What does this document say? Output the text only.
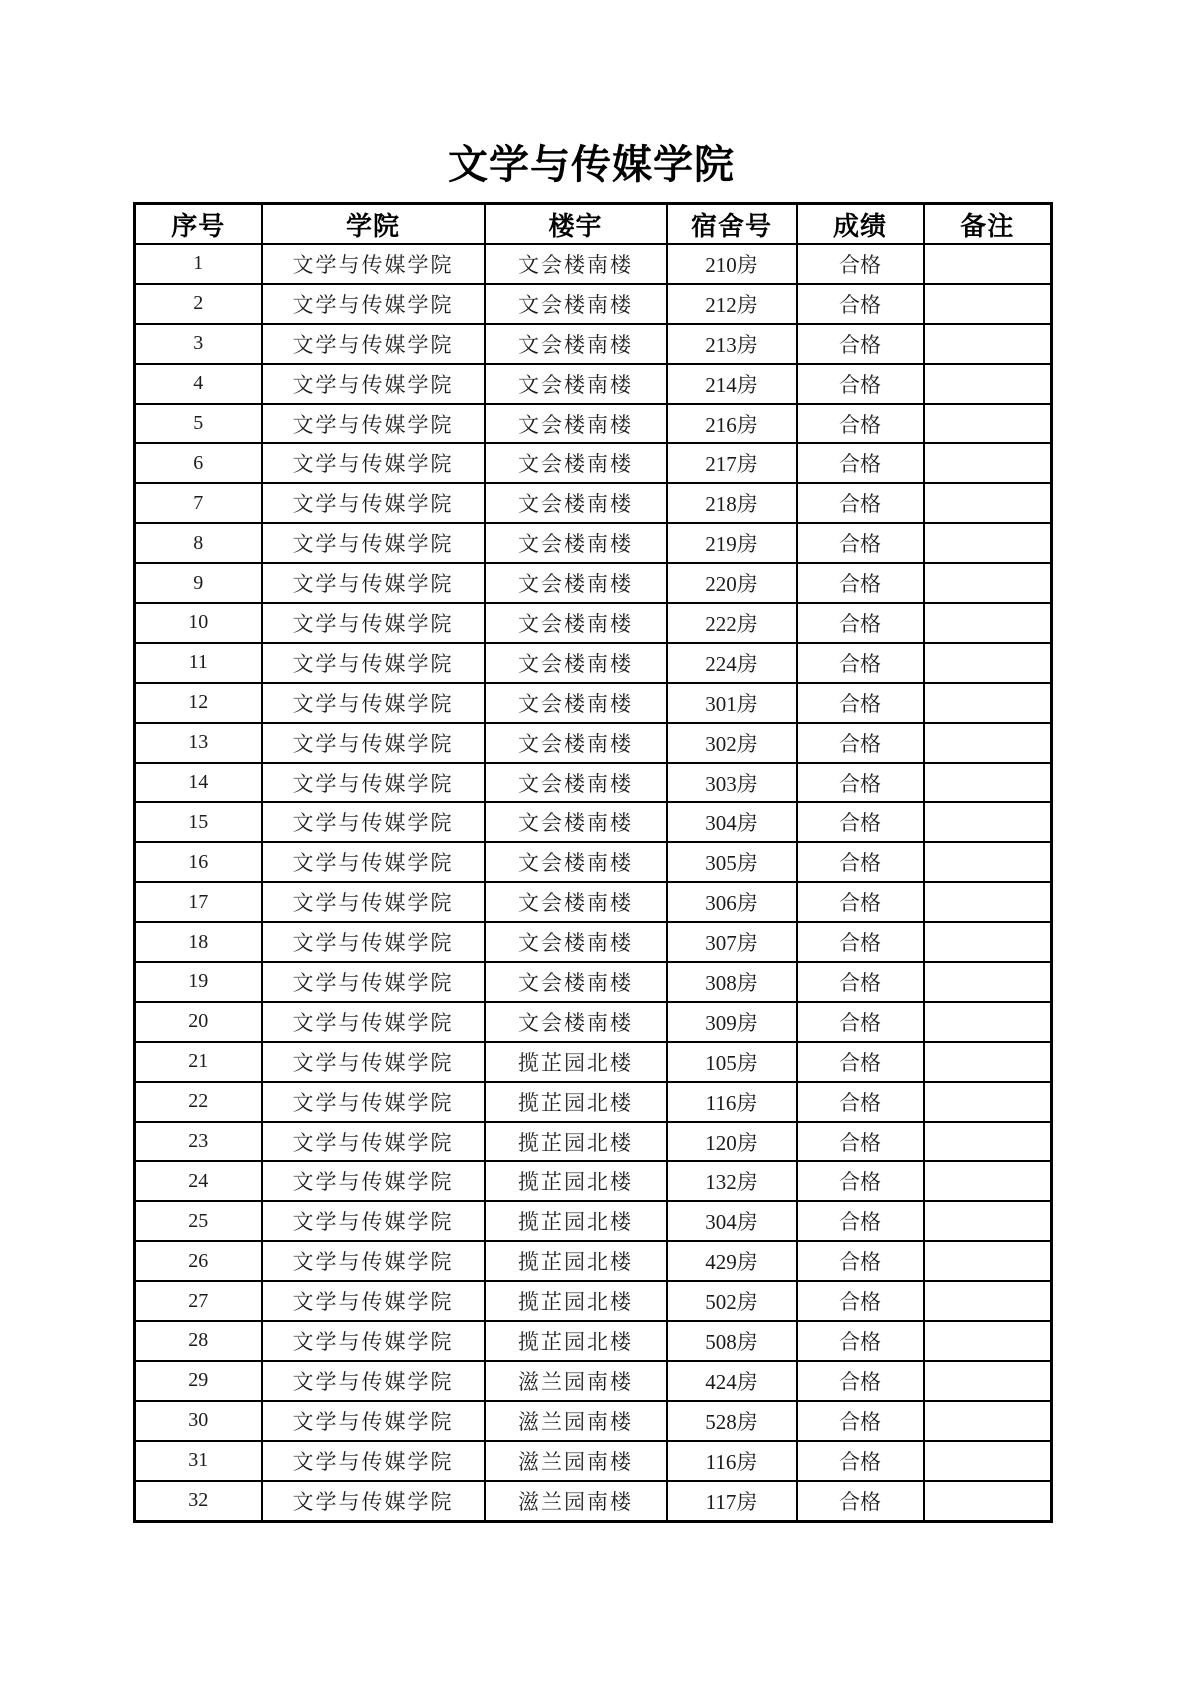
文学与传媒学院
序号	学院	楼宇	宿舍号	成绩	备注
1	文学与传媒学院	文会楼南楼	210房	合格	
2	文学与传媒学院	文会楼南楼	212房	合格	
3	文学与传媒学院	文会楼南楼	213房	合格	
4	文学与传媒学院	文会楼南楼	214房	合格	
5	文学与传媒学院	文会楼南楼	216房	合格	
6	文学与传媒学院	文会楼南楼	217房	合格	
7	文学与传媒学院	文会楼南楼	218房	合格	
8	文学与传媒学院	文会楼南楼	219房	合格	
9	文学与传媒学院	文会楼南楼	220房	合格	
10	文学与传媒学院	文会楼南楼	222房	合格	
11	文学与传媒学院	文会楼南楼	224房	合格	
12	文学与传媒学院	文会楼南楼	301房	合格	
13	文学与传媒学院	文会楼南楼	302房	合格	
14	文学与传媒学院	文会楼南楼	303房	合格	
15	文学与传媒学院	文会楼南楼	304房	合格	
16	文学与传媒学院	文会楼南楼	305房	合格	
17	文学与传媒学院	文会楼南楼	306房	合格	
18	文学与传媒学院	文会楼南楼	307房	合格	
19	文学与传媒学院	文会楼南楼	308房	合格	
20	文学与传媒学院	文会楼南楼	309房	合格	
21	文学与传媒学院	揽芷园北楼	105房	合格	
22	文学与传媒学院	揽芷园北楼	116房	合格	
23	文学与传媒学院	揽芷园北楼	120房	合格	
24	文学与传媒学院	揽芷园北楼	132房	合格	
25	文学与传媒学院	揽芷园北楼	304房	合格	
26	文学与传媒学院	揽芷园北楼	429房	合格	
27	文学与传媒学院	揽芷园北楼	502房	合格	
28	文学与传媒学院	揽芷园北楼	508房	合格	
29	文学与传媒学院	滋兰园南楼	424房	合格	
30	文学与传媒学院	滋兰园南楼	528房	合格	
31	文学与传媒学院	滋兰园南楼	116房	合格	
32	文学与传媒学院	滋兰园南楼	117房	合格	
